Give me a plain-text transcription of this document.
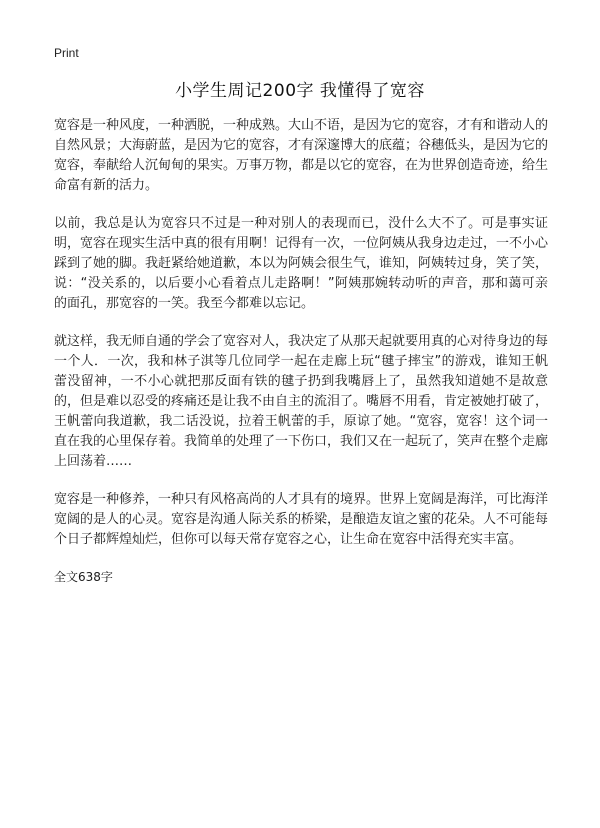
Print
小学生周记200字 我懂得了宽容

宽容是一种风度，一种洒脱，一种成熟。大山不语，是因为它的宽容，才有和谐动人的自然风景；大海蔚蓝，是因为它的宽容，才有深邃博大的底蕴；谷穗低头，是因为它的宽容，奉献给人沉甸甸的果实。万事万物，都是以它的宽容，在为世界创造奇迹，给生命富有新的活力。

以前，我总是认为宽容只不过是一种对别人的表现而已，没什么大不了。可是事实证明，宽容在现实生活中真的很有用啊！记得有一次，一位阿姨从我身边走过，一不小心踩到了她的脚。我赶紧给她道歉，本以为阿姨会很生气，谁知，阿姨转过身，笑了笑，说：“没关系的，以后要小心看着点儿走路啊！”阿姨那婉转动听的声音，那和蔼可亲的面孔，那宽容的一笑。我至今都难以忘记。

就这样，我无师自通的学会了宽容对人，我决定了从那天起就要用真的心对待身边的每一个人．一次，我和林子淇等几位同学一起在走廊上玩“毽子摔宝”的游戏，谁知王帆蕾没留神，一不小心就把那反面有铁的毽子扔到我嘴唇上了，虽然我知道她不是故意的，但是难以忍受的疼痛还是让我不由自主的流泪了。嘴唇不用看，肯定被她打破了，王帆蕾向我道歉，我二话没说，拉着王帆蕾的手，原谅了她。“宽容，宽容！这个词一直在我的心里保存着。我简单的处理了一下伤口，我们又在一起玩了，笑声在整个走廊上回荡着……

宽容是一种修养，一种只有风格高尚的人才具有的境界。世界上宽阔是海洋，可比海洋宽阔的是人的心灵。宽容是沟通人际关系的桥梁，是酿造友谊之蜜的花朵。人不可能每个日子都辉煌灿烂，但你可以每天常存宽容之心，让生命在宽容中活得充实丰富。

全文638字
